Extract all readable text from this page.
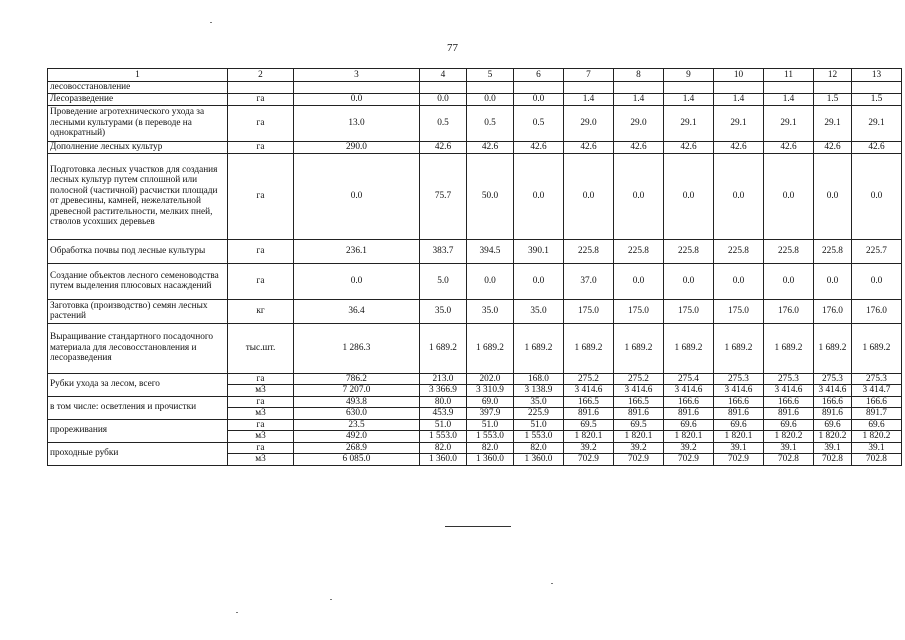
77
1	2	3	4	5	6	7	8	9	10	11	12	13
лесовосстановление												
Лесоразведение	га	0.0	0.0	0.0	0.0	1.4	1.4	1.4	1.4	1.4	1.5	1.5
Проведение агротехнического ухода за лесными культурами (в переводе на однократный)	га	13.0	0.5	0.5	0.5	29.0	29.0	29.1	29.1	29.1	29.1	29.1
Дополнение лесных культур	га	290.0	42.6	42.6	42.6	42.6	42.6	42.6	42.6	42.6	42.6	42.6
Подготовка лесных участков для создания лесных культур путем сплошной или полосной (частичной) расчистки площади от древесины, камней, нежелательной древесной растительности, мелких пней, стволов усохших деревьев	га	0.0	75.7	50.0	0.0	0.0	0.0	0.0	0.0	0.0	0.0	0.0
Обработка почвы под лесные культуры	га	236.1	383.7	394.5	390.1	225.8	225.8	225.8	225.8	225.8	225.8	225.7
Создание объектов лесного семеноводства путем выделения плюсовых насаждений	га	0.0	5.0	0.0	0.0	37.0	0.0	0.0	0.0	0.0	0.0	0.0
Заготовка (производство) семян лесных растений	кг	36.4	35.0	35.0	35.0	175.0	175.0	175.0	175.0	176.0	176.0	176.0
Выращивание стандартного посадочного материала для лесовосстановления и лесоразведения	тыс.шт.	1 286.3	1 689.2	1 689.2	1 689.2	1 689.2	1 689.2	1 689.2	1 689.2	1 689.2	1 689.2	1 689.2
Рубки ухода за лесом, всего	га	786.2	213.0	202.0	168.0	275.2	275.2	275.4	275.3	275.3	275.3	275.3
	м3	7 207.0	3 366.9	3 310.9	3 138.9	3 414.6	3 414.6	3 414.6	3 414.6	3 414.6	3 414.6	3 414.7
в том числе: осветления и прочистки	га	493.8	80.0	69.0	35.0	166.5	166.5	166.6	166.6	166.6	166.6	166.6
	м3	630.0	453.9	397.9	225.9	891.6	891.6	891.6	891.6	891.6	891.6	891.7
прореживания	га	23.5	51.0	51.0	51.0	69.5	69.5	69.6	69.6	69.6	69.6	69.6
	м3	492.0	1 553.0	1 553.0	1 553.0	1 820.1	1 820.1	1 820.1	1 820.1	1 820.2	1 820.2	1 820.2
проходные рубки	га	268.9	82.0	82.0	82.0	39.2	39.2	39.2	39.1	39.1	39.1	39.1
	м3	6 085.0	1 360.0	1 360.0	1 360.0	702.9	702.9	702.9	702.9	702.8	702.8	702.8
